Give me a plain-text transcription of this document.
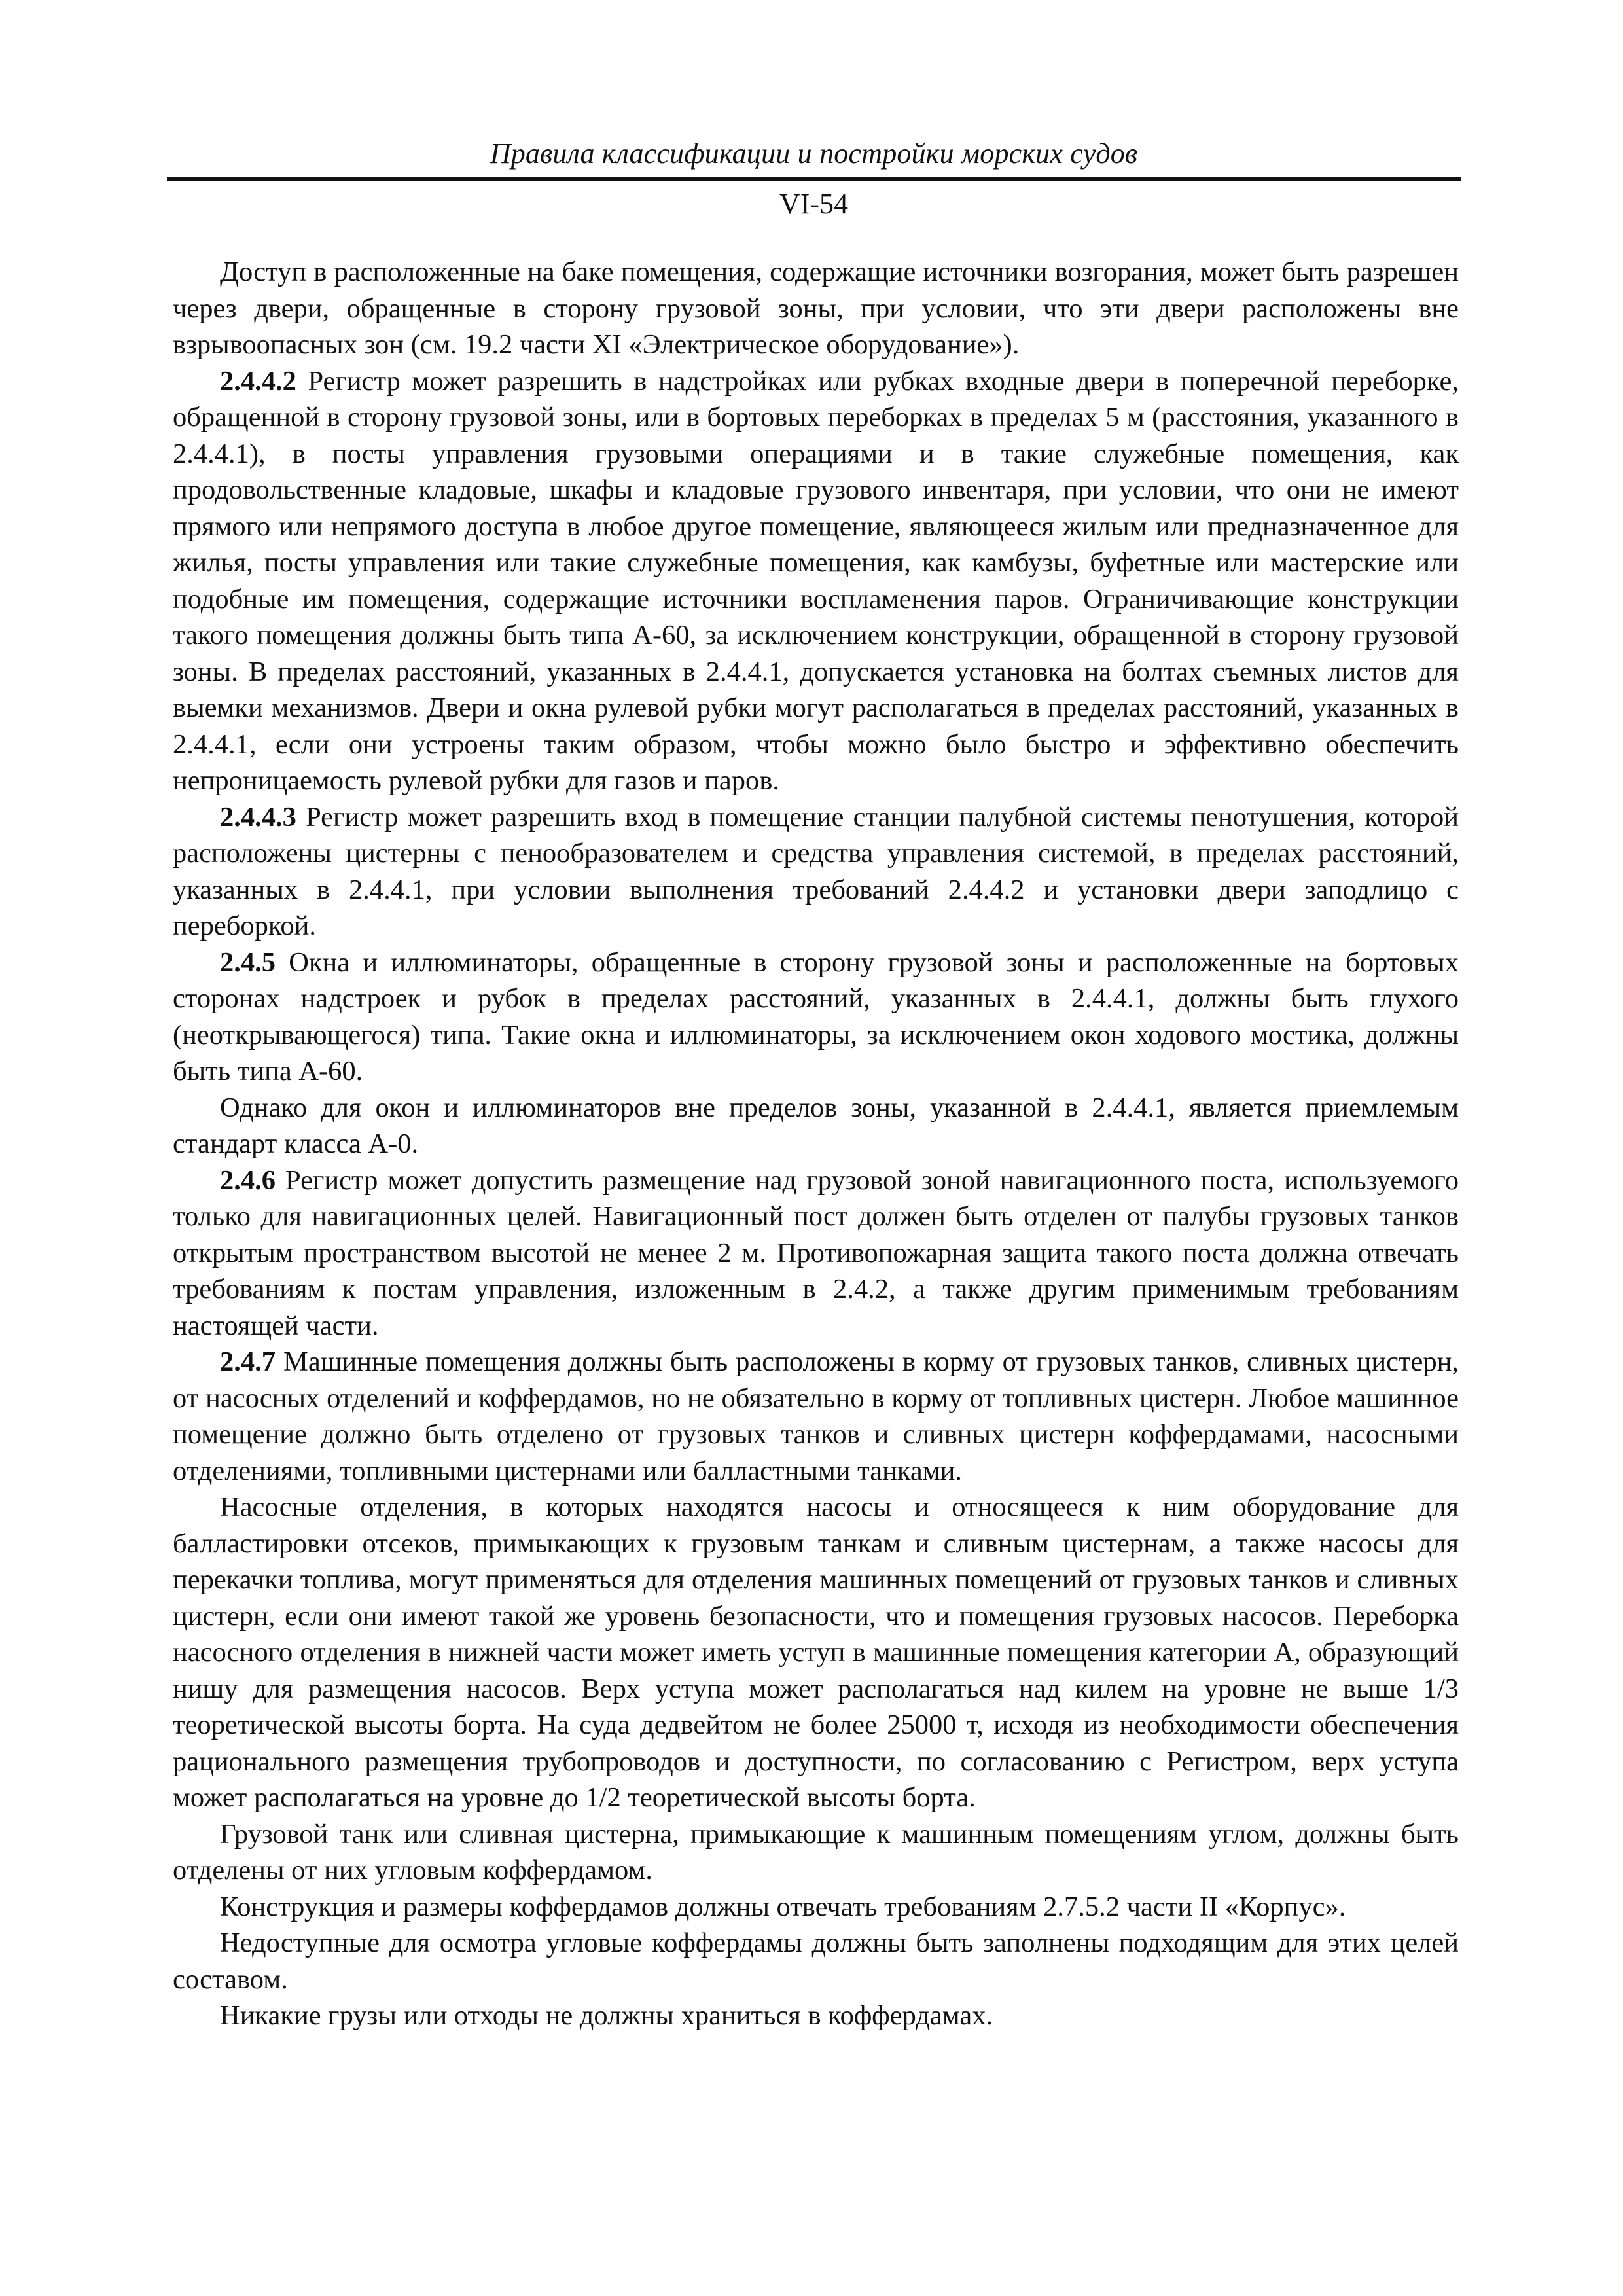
Правила классификации и постройки морских судов
VI-54

Доступ в расположенные на баке помещения, содержащие источники возгорания, может быть разрешен через двери, обращенные в сторону грузовой зоны, при условии, что эти двери расположены вне взрывоопасных зон (см. 19.2 части XI «Электрическое оборудование»).

2.4.4.2 Регистр может разрешить в надстройках или рубках входные двери в поперечной переборке, обращенной в сторону грузовой зоны, или в бортовых переборках в пределах 5 м (расстояния, указанного в 2.4.4.1), в посты управления грузовыми операциями и в такие служебные помещения, как продовольственные кладовые, шкафы и кладовые грузового инвентаря, при условии, что они не имеют прямого или непрямого доступа в любое другое помещение, являющееся жилым или предназначенное для жилья, посты управления или такие служебные помещения, как камбузы, буфетные или мастерские или подобные им помещения, содержащие источники воспламенения паров. Ограничивающие конструкции такого помещения должны быть типа A-60, за исключением конструкции, обращенной в сторону грузовой зоны. В пределах расстояний, указанных в 2.4.4.1, допускается установка на болтах съемных листов для выемки механизмов. Двери и окна рулевой рубки могут располагаться в пределах расстояний, указанных в 2.4.4.1, если они устроены таким образом, чтобы можно было быстро и эффективно обеспечить непроницаемость рулевой рубки для газов и паров.

2.4.4.3 Регистр может разрешить вход в помещение станции палубной системы пенотушения, которой расположены цистерны с пенообразователем и средства управления системой, в пределах расстояний, указанных в 2.4.4.1, при условии выполнения требований 2.4.4.2 и установки двери заподлицо с переборкой.

2.4.5 Окна и иллюминаторы, обращенные в сторону грузовой зоны и расположенные на бортовых сторонах надстроек и рубок в пределах расстояний, указанных в 2.4.4.1, должны быть глухого (неоткрывающегося) типа. Такие окна и иллюминаторы, за исключением окон ходового мостика, должны быть типа A-60.

Однако для окон и иллюминаторов вне пределов зоны, указанной в 2.4.4.1, является приемлемым стандарт класса A-0.

2.4.6 Регистр может допустить размещение над грузовой зоной навигационного поста, используемого только для навигационных целей. Навигационный пост должен быть отделен от палубы грузовых танков открытым пространством высотой не менее 2 м. Противопожарная защита такого поста должна отвечать требованиям к постам управления, изложенным в 2.4.2, а также другим применимым требованиям настоящей части.

2.4.7 Машинные помещения должны быть расположены в корму от грузовых танков, сливных цистерн, от насосных отделений и коффердамов, но не обязательно в корму от топливных цистерн. Любое машинное помещение должно быть отделено от грузовых танков и сливных цистерн коффердамами, насосными отделениями, топливными цистернами или балластными танками.

Насосные отделения, в которых находятся насосы и относящееся к ним оборудование для балластировки отсеков, примыкающих к грузовым танкам и сливным цистернам, а также насосы для перекачки топлива, могут применяться для отделения машинных помещений от грузовых танков и сливных цистерн, если они имеют такой же уровень безопасности, что и помещения грузовых насосов. Переборка насосного отделения в нижней части может иметь уступ в машинные помещения категории A, образующий нишу для размещения насосов. Верх уступа может располагаться над килем на уровне не выше 1/3 теоретической высоты борта. На суда дедвейтом не более 25000 т, исходя из необходимости обеспечения рационального размещения трубопроводов и доступности, по согласованию с Регистром, верх уступа может располагаться на уровне до 1/2 теоретической высоты борта.

Грузовой танк или сливная цистерна, примыкающие к машинным помещениям углом, должны быть отделены от них угловым коффердамом.

Конструкция и размеры коффердамов должны отвечать требованиям 2.7.5.2 части II «Корпус».

Недоступные для осмотра угловые коффердамы должны быть заполнены подходящим для этих целей составом.

Никакие грузы или отходы не должны храниться в коффердамах.
